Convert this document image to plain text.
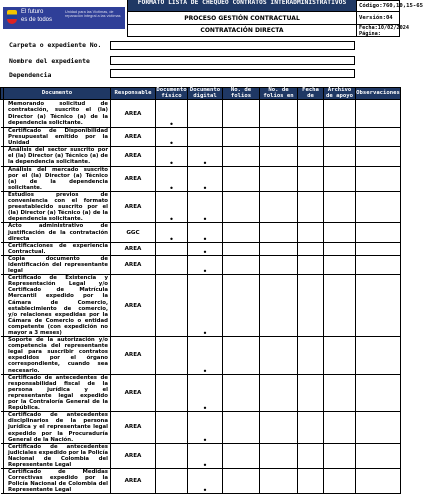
El futuro
es de todos
Unidad para las Víctimas, de reparación integral a las víctimas
FORMATO LISTA DE CHEQUEO CONTRATOS INTERADMINISTRATIVOS
PROCESO GESTIÓN CONTRACTUAL
CONTRATACIÓN DIRECTA
Código:760,10,15-65
Versión:04
Fecha:10/02/2024
Página:
Carpeta o expediente No.
Nombre del expediente
Dependencia
	Documento	Responsable	Documento físico	Documento digital	No. de folios	No. de folios en	Fecha de	Archivo de apoyo	Observaciones
	Memorando solicitud de contratación, suscrito el (la) Director (a) Técnico (a) de la dependencia solicitante.	AREA	•						
	Certificado de Disponibilidad Presupuestal emitido por la Unidad	AREA	•						
	Análisis del sector suscrito por el (la) Director (a) Técnico (a) de la dependencia solicitante.	AREA	•	•					
	Análisis del mercado suscrito por el (la) Director (a) Técnico (a) de la dependencia solicitante.	AREA	•	•					
	Estudios previos de conveniencia con el formato preestablecido suscrito por el (la) Director (a) Técnico (a) de la dependencia solicitante.	AREA	•	•					
	Acto administrativo de justificación de la contratación directa	GGC	•	•					
	Certificaciones de experiencia Contractual.	AREA		•					
	Copia documento de identificación del representante legal	AREA		•					
	Certificado de Existencia y Representación Legal y/o Certificado de Matrícula Mercantil expedido por la Cámara de Comercio, establecimiento de comercio, y/o relaciones expedidas por la Cámara de Comercio o entidad competente (con expedición no mayor a 3 meses)	AREA		•					
	Soporte de la autorización y/o competencia del representante legal para suscribir contratos expedidos por el órgano correspondiente, cuando sea necesario.	AREA		•					
	Certificado de antecedentes de responsabilidad fiscal de la persona jurídica y el representante legal expedido por la Contraloría General de la República.	AREA		•					
	Certificado de antecedentes disciplinarios de la persona jurídica y el representante legal expedido por la Procuraduría General de la Nación.	AREA		•					
	Certificado de antecedentes judiciales expedido por la Policía Nacional de Colombia del Representante Legal	AREA		•					
	Certificado de Medidas Correctivas expedido por la Policía Nacional de Colombia del Representante Legal	AREA		•					
